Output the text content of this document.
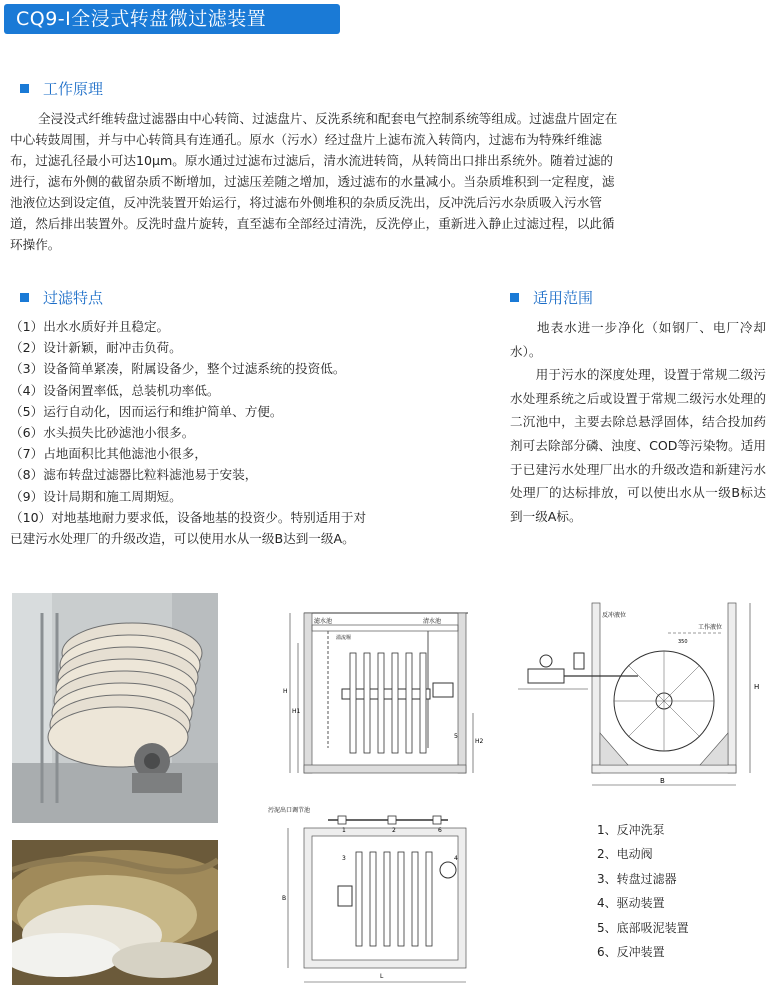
CQ9-Ⅰ全浸式转盘微过滤装置
工作原理
全浸没式纤维转盘过滤器由中心转筒、过滤盘片、反洗系统和配套电气控制系统等组成。过滤盘片固定在
中心转鼓周围，并与中心转筒具有连通孔。原水（污水）经过盘片上滤布流入转筒内，过滤布为特殊纤维滤
布，过滤孔径最小可达10μm。原水通过过滤布过滤后，清水流进转筒，从转筒出口排出系统外。随着过滤的
进行，滤布外侧的截留杂质不断增加，过滤压差随之增加，透过滤布的水量减小。当杂质堆积到一定程度，滤
池液位达到设定值，反冲洗装置开始运行，将过滤布外侧堆积的杂质反洗出，反冲洗后污水杂质吸入污水管
道，然后排出装置外。反洗时盘片旋转，直至滤布全部经过清洗，反洗停止，重新进入静止过滤过程，以此循
环操作。
过滤特点
（1）出水水质好并且稳定。
（2）设计新颖，耐冲击负荷。
（3）设备简单紧凑，附属设备少，整个过滤系统的投资低。
（4）设备闲置率低，总装机功率低。
（5）运行自动化，因而运行和维护简单、方便。
（6）水头损失比砂滤池小很多。
（7）占地面积比其他滤池小很多，
（8）滤布转盘过滤器比粒料滤池易于安装，
（9）设计局期和施工周期短。
（10）对地基地耐力要求低，设备地基的投资少。特别适用于对
已建污水处理厂的升级改造，可以使用水从一级B达到一级A。
适用范围

　　地表水进一步净化（如钢厂、电厂冷却水）。

　　用于污水的深度处理，设置于常规二级污水处理系统之后或设置于常规二级污水处理的二沉池中，主要去除总悬浮固体，结合投加药剂可去除部分磷、浊度、COD等污染物。适用于已建污水处理厂出水的升级改造和新建污水处理厂的达标排放，可以使出水从一级B标达到一级A标。

滤水池	清水池
溢流堰
H
H1
H2
5
污泥出口调节池
B
L
1	2
3	4
6
反冲液位
工作液位
H
B
350
1、反冲洗泵
2、电动阀
3、转盘过滤器
4、驱动装置
5、底部吸泥装置
6、反冲装置
